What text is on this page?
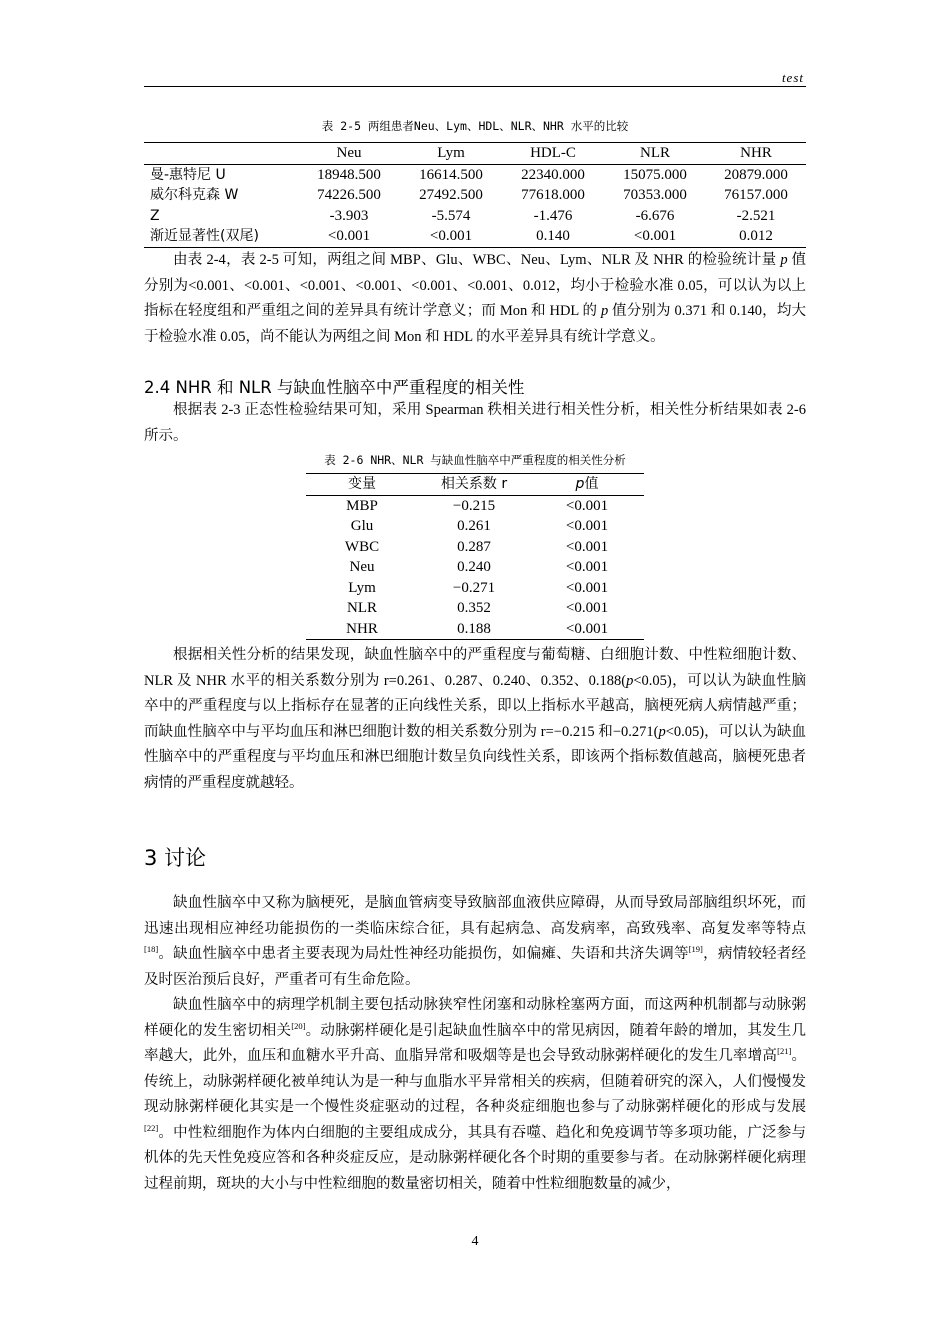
test
表 2-5 两组患者Neu、Lym、HDL、NLR、NHR 水平的比较
	Neu	Lym	HDL-C	NLR	NHR
曼-惠特尼 U	18948.500	16614.500	22340.000	15075.000	20879.000
威尔科克森 W	74226.500	27492.500	77618.000	70353.000	76157.000
Z	-3.903	-5.574	-1.476	-6.676	-2.521
渐近显著性(双尾)	<0.001	<0.001	0.140	<0.001	0.012

由表 2-4，表 2-5 可知，两组之间 MBP、Glu、WBC、Neu、Lym、NLR 及 NHR 的检验统计量 p 值分别为<0.001、<0.001、<0.001、<0.001、<0.001、<0.001、0.012，均小于检验水准 0.05，可以认为以上指标在轻度组和严重组之间的差异具有统计学意义；而 Mon 和 HDL 的 p 值分别为 0.371 和 0.140，均大于检验水准 0.05，尚不能认为两组之间 Mon 和 HDL 的水平差异具有统计学意义。

2.4 NHR 和 NLR 与缺血性脑卒中严重程度的相关性

根据表 2-3 正态性检验结果可知，采用 Spearman 秩相关进行相关性分析，相关性分析结果如表 2-6 所示。

表 2-6 NHR、NLR 与缺血性脑卒中严重程度的相关性分析
变量	相关系数 r	p值
MBP	−0.215	<0.001
Glu	0.261	<0.001
WBC	0.287	<0.001
Neu	0.240	<0.001
Lym	−0.271	<0.001
NLR	0.352	<0.001
NHR	0.188	<0.001

根据相关性分析的结果发现，缺血性脑卒中的严重程度与葡萄糖、白细胞计数、中性粒细胞计数、NLR 及 NHR 水平的相关系数分别为 r=0.261、0.287、0.240、0.352、0.188(p<0.05)，可以认为缺血性脑卒中的严重程度与以上指标存在显著的正向线性关系，即以上指标水平越高，脑梗死病人病情越严重；而缺血性脑卒中与平均血压和淋巴细胞计数的相关系数分别为 r=−0.215 和−0.271(p<0.05)，可以认为缺血性脑卒中的严重程度与平均血压和淋巴细胞计数呈负向线性关系，即该两个指标数值越高，脑梗死患者病情的严重程度就越轻。

3 讨论

缺血性脑卒中又称为脑梗死，是脑血管病变导致脑部血液供应障碍，从而导致局部脑组织坏死，而迅速出现相应神经功能损伤的一类临床综合征，具有起病急、高发病率，高致残率、高复发率等特点[18]。缺血性脑卒中患者主要表现为局灶性神经功能损伤，如偏瘫、失语和共济失调等[19]，病情较轻者经及时医治预后良好，严重者可有生命危险。

缺血性脑卒中的病理学机制主要包括动脉狭窄性闭塞和动脉栓塞两方面，而这两种机制都与动脉粥样硬化的发生密切相关[20]。动脉粥样硬化是引起缺血性脑卒中的常见病因，随着年龄的增加，其发生几率越大，此外，血压和血糖水平升高、血脂异常和吸烟等是也会导致动脉粥样硬化的发生几率增高[21]。传统上，动脉粥样硬化被单纯认为是一种与血脂水平异常相关的疾病，但随着研究的深入，人们慢慢发现动脉粥样硬化其实是一个慢性炎症驱动的过程，各种炎症细胞也参与了动脉粥样硬化的形成与发展[22]。中性粒细胞作为体内白细胞的主要组成成分，其具有吞噬、趋化和免疫调节等多项功能，广泛参与机体的先天性免疫应答和各种炎症反应，是动脉粥样硬化各个时期的重要参与者。在动脉粥样硬化病理过程前期，斑块的大小与中性粒细胞的数量密切相关，随着中性粒细胞数量的减少，

4
